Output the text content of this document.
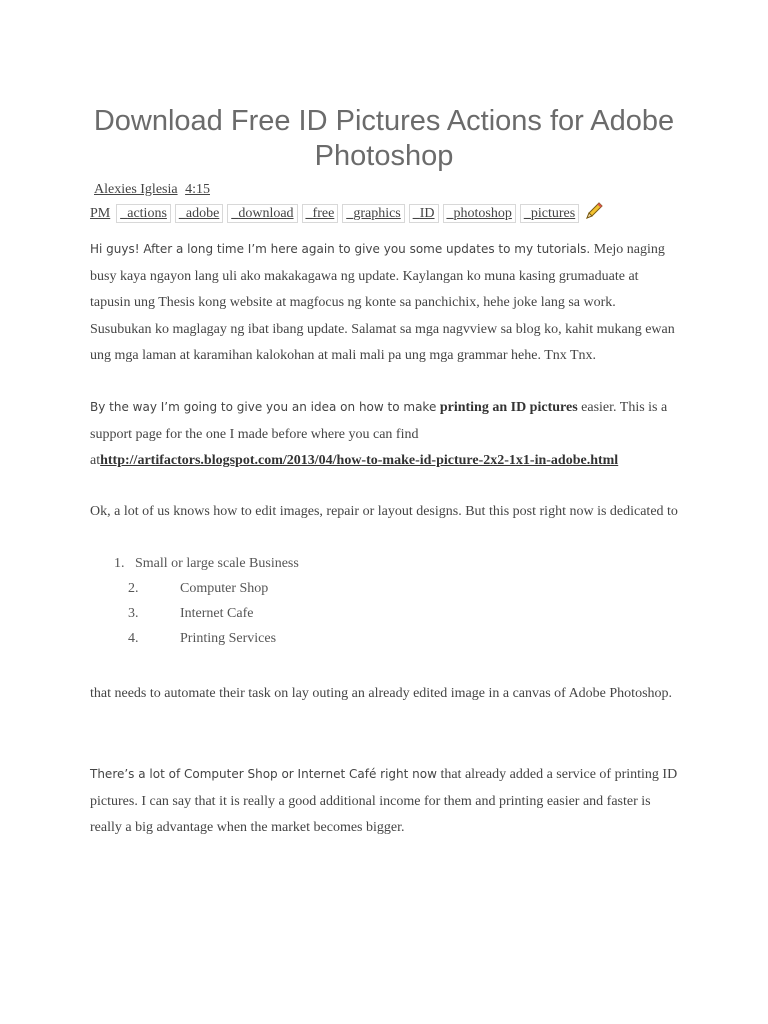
Download Free ID Pictures Actions for Adobe Photoshop
Alexies Iglesia 4:15
PM _actions _adobe _download _free _graphics _ID _photoshop _pictures

Hi guys! After a long time I’m here again to give you some updates to my tutorials. Mejo naging busy kaya ngayon lang uli ako makakagawa ng update. Kaylangan ko muna kasing grumaduate at tapusin ung Thesis kong website at magfocus ng konte sa panchichix, hehe joke lang sa work. Susubukan ko maglagay ng ibat ibang update. Salamat sa mga nagvview sa blog ko, kahit mukang ewan ung mga laman at karamihan kalokohan at mali mali pa ung mga grammar hehe. Tnx Tnx.

By the way I’m going to give you an idea on how to make printing an ID pictures easier. This is a support page for the one I made before where you can find athttp://artifactors.blogspot.com/2013/04/how-to-make-id-picture-2x2-1x1-in-adobe.html

Ok, a lot of us knows how to edit images, repair or layout designs. But this post right now is dedicated to

1. Small or large scale Business
2.	Computer Shop
3.	Internet Cafe
4.	Printing Services

that needs to automate their task on lay outing an already edited image in a canvas of Adobe Photoshop.

There’s a lot of Computer Shop or Internet Café right now that already added a service of printing ID pictures. I can say that it is really a good additional income for them and printing easier and faster is really a big advantage when the market becomes bigger.
